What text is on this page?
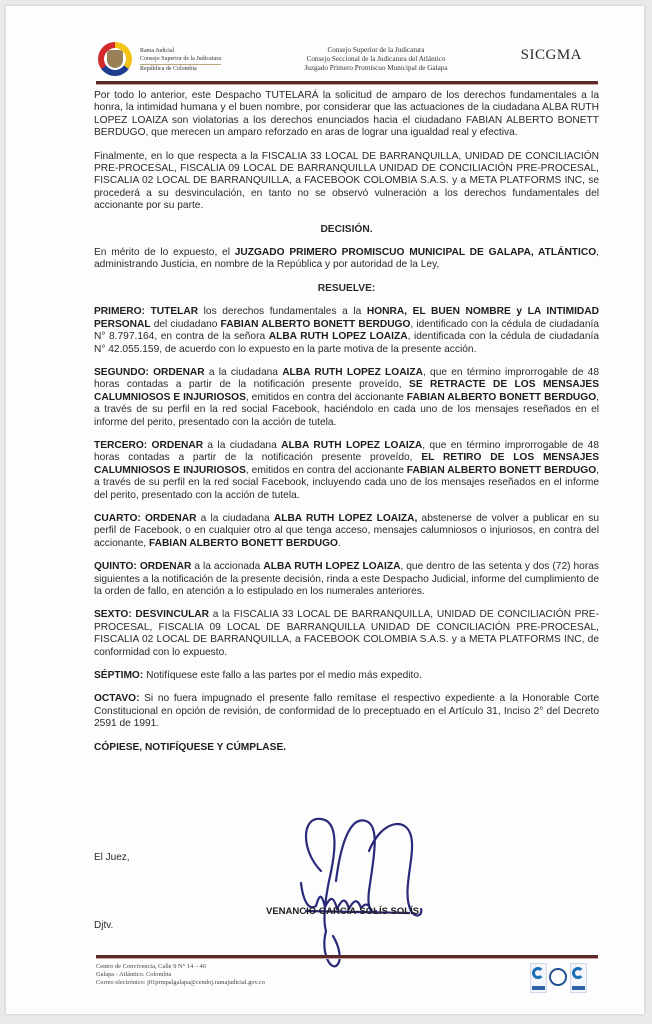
Rama Judicial
Consejo Superior de la Judicatura
República de Colombia
Consejo Superior de la Judicatura
Consejo Seccional de la Judicatura del Atlántico
Juzgado Primero Promiscuo Municipal de Galapa
SICGMA

Por todo lo anterior, este Despacho TUTELARÁ la solicitud de amparo de los derechos fundamentales a la honra, la intimidad humana y el buen nombre, por considerar que las actuaciones de la ciudadana ALBA RUTH LOPEZ LOAIZA son violatorias a los derechos enunciados hacia el ciudadano FABIAN ALBERTO BONETT BERDUGO, que merecen un amparo reforzado en aras de lograr una igualdad real y efectiva.

Finalmente, en lo que respecta a la FISCALIA 33 LOCAL DE BARRANQUILLA, UNIDAD DE CONCILIACIÓN PRE-PROCESAL, FISCALIA 09 LOCAL DE BARRANQUILLA UNIDAD DE CONCILIACIÓN PRE-PROCESAL, FISCALIA 02 LOCAL DE BARRANQUILLA, a FACEBOOK COLOMBIA S.A.S. y a META PLATFORMS INC, se procederá a su desvinculación, en tanto no se observó vulneración a los derechos fundamentales del accionante por su parte.

DECISIÓN.

En mérito de lo expuesto, el JUZGADO PRIMERO PROMISCUO MUNICIPAL DE GALAPA, ATLÁNTICO, administrando Justicia, en nombre de la República y por autoridad de la Ley,

RESUELVE:

PRIMERO: TUTELAR los derechos fundamentales a la HONRA, EL BUEN NOMBRE y LA INTIMIDAD PERSONAL del ciudadano FABIAN ALBERTO BONETT BERDUGO, identificado con la cédula de ciudadanía N° 8.797.164, en contra de la señora ALBA RUTH LOPEZ LOAIZA, identificada con la cédula de ciudadanía N° 42.055.159, de acuerdo con lo expuesto en la parte motiva de la presente acción.

SEGUNDO: ORDENAR a la ciudadana ALBA RUTH LOPEZ LOAIZA, que en término improrrogable de 48 horas contadas a partir de la notificación presente proveído, SE RETRACTE DE LOS MENSAJES CALUMNIOSOS E INJURIOSOS, emitidos en contra del accionante FABIAN ALBERTO BONETT BERDUGO, a través de su perfil en la red social Facebook, haciéndolo en cada uno de los mensajes reseñados en el informe del perito, presentado con la acción de tutela.

TERCERO: ORDENAR a la ciudadana ALBA RUTH LOPEZ LOAIZA, que en término improrrogable de 48 horas contadas a partir de la notificación presente proveído, EL RETIRO DE LOS MENSAJES CALUMNIOSOS E INJURIOSOS, emitidos en contra del accionante FABIAN ALBERTO BONETT BERDUGO, a través de su perfil en la red social Facebook, incluyendo cada uno de los mensajes reseñados en el informe del perito, presentado con la acción de tutela.

CUARTO: ORDENAR a la ciudadana ALBA RUTH LOPEZ LOAIZA, abstenerse de volver a publicar en su perfil de Facebook, o en cualquier otro al que tenga acceso, mensajes calumniosos o injuriosos, en contra del accionante, FABIAN ALBERTO BONETT BERDUGO.

QUINTO: ORDENAR a la accionada ALBA RUTH LOPEZ LOAIZA, que dentro de las setenta y dos (72) horas siguientes a la notificación de la presente decisión, rinda a este Despacho Judicial, informe del cumplimiento de la orden de fallo, en atención a lo estipulado en los numerales anteriores.

SEXTO: DESVINCULAR a la FISCALIA 33 LOCAL DE BARRANQUILLA, UNIDAD DE CONCILIACIÓN PRE-PROCESAL, FISCALIA 09 LOCAL DE BARRANQUILLA UNIDAD DE CONCILIACIÓN PRE-PROCESAL, FISCALIA 02 LOCAL DE BARRANQUILLA, a FACEBOOK COLOMBIA S.A.S. y a META PLATFORMS INC, de conformidad con lo expuesto.

SÉPTIMO: Notifíquese este fallo a las partes por el medio más expedito.

OCTAVO: Si no fuera impugnado el presente fallo remítase el respectivo expediente a la Honorable Corte Constitucional en opción de revisión, de conformidad de lo preceptuado en el Artículo 31, Inciso 2° del Decreto 2591 de 1991.

CÓPIESE, NOTIFÍQUESE Y CÚMPLASE.

El Juez,
VENANCIO GARCÍA-SOLÍS SOLÍS
Djtv.
Centro de Convivencia, Calle 9 N° 14 – 46
Galapa - Atlántico. Colombia
Correo electrónico: j01prmpalgalapa@cendoj.ramajudicial.gov.co
